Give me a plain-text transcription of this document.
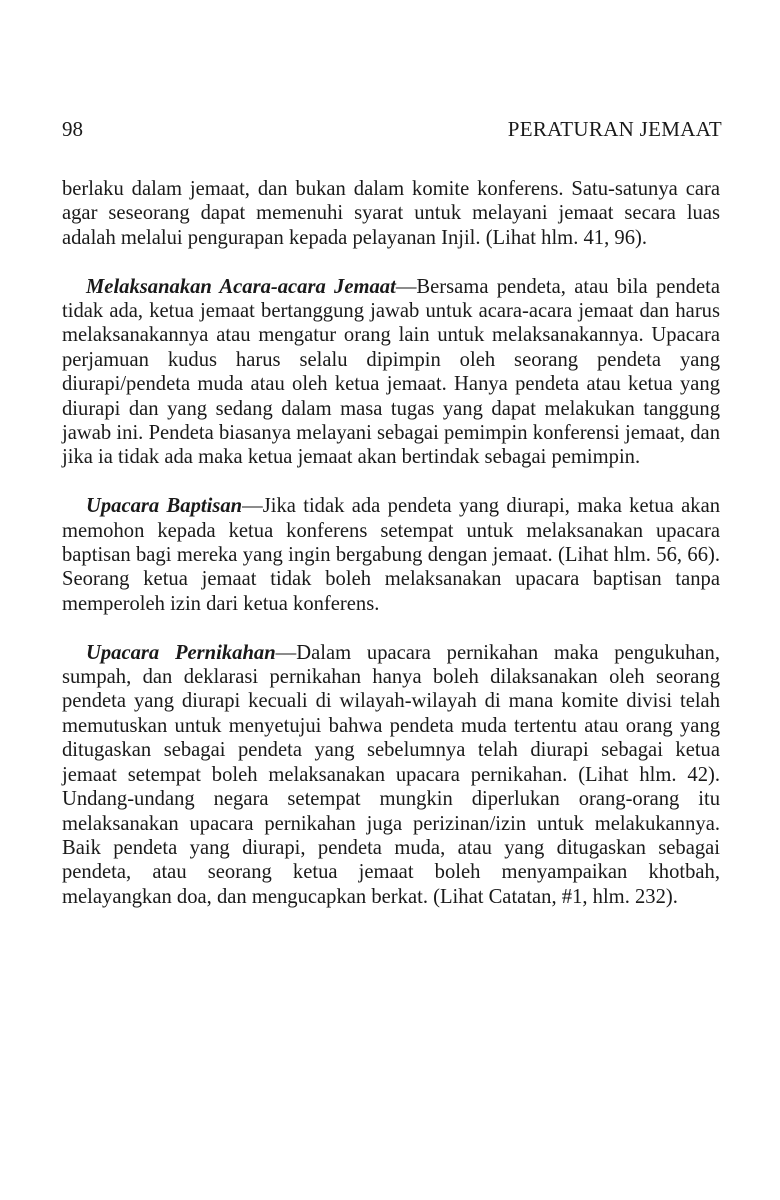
98	PERATURAN JEMAAT

berlaku dalam jemaat, dan bukan dalam komite konferens. Satu-satunya cara agar seseorang dapat memenuhi syarat untuk melayani jemaat secara luas adalah melalui pengurapan kepada pelayanan Injil. (Lihat hlm. 41, 96).

Melaksanakan Acara-acara Jemaat—Bersama pendeta, atau bila pendeta tidak ada, ketua jemaat bertanggung jawab untuk acara-acara jemaat dan harus melaksanakannya atau mengatur orang lain untuk melaksanakannya. Upacara perjamuan kudus harus selalu dipimpin oleh seorang pendeta yang diurapi/pendeta muda atau oleh ketua jemaat. Hanya pendeta atau ketua yang diurapi dan yang sedang dalam masa tugas yang dapat melakukan tanggung jawab ini. Pendeta biasanya melayani sebagai pemimpin konferensi jemaat, dan jika ia tidak ada maka ketua jemaat akan bertindak sebagai pemimpin.

Upacara Baptisan—Jika tidak ada pendeta yang diurapi, maka ketua akan memohon kepada ketua konferens setempat untuk melaksanakan upacara baptisan bagi mereka yang ingin bergabung dengan jemaat. (Lihat hlm. 56, 66). Seorang ketua jemaat tidak boleh melaksanakan upacara baptisan tanpa memperoleh izin dari ketua konferens.

Upacara Pernikahan—Dalam upacara pernikahan maka pengukuhan, sumpah, dan deklarasi pernikahan hanya boleh dilaksanakan oleh seorang pendeta yang diurapi kecuali di wilayah-wilayah di mana komite divisi telah memutuskan untuk menyetujui bahwa pendeta muda tertentu atau orang yang ditugaskan sebagai pendeta yang sebelumnya telah diurapi sebagai ketua jemaat setempat boleh melaksanakan upacara pernikahan. (Lihat hlm. 42). Undang-undang negara setempat mungkin diperlukan orang-orang itu melaksanakan upacara pernikahan juga perizinan/izin untuk melakukannya. Baik pendeta yang diurapi, pendeta muda, atau yang ditugaskan sebagai pendeta, atau seorang ketua jemaat boleh menyampaikan khotbah, melayangkan doa, dan mengucapkan berkat. (Lihat Catatan, #1, hlm. 232).
